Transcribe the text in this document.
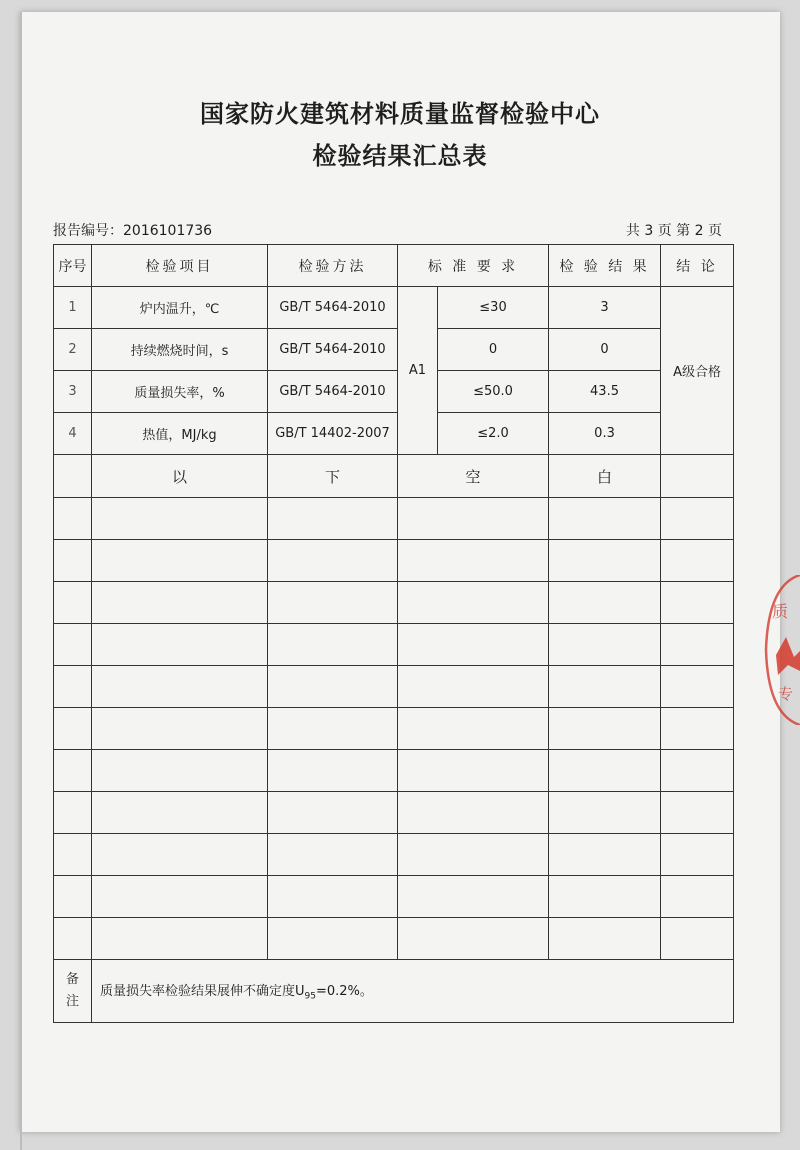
国家防火建筑材料质量监督检验中心
检验结果汇总表
报告编号：2016101736	共 3 页 第 2 页
序号	检验项目	检验方法	标 准 要 求		检 验 结 果	结 论
1	炉内温升，℃	GB/T 5464-2010	A1	≤30	3	A级合格
2	持续燃烧时间，s	GB/T 5464-2010		0	0	
3	质量损失率，%	GB/T 5464-2010		≤50.0	43.5	
4	热值，MJ/kg	GB/T 14402-2007		≤2.0	0.3	
	以	下	空		白	

备
注	质量损失率检验结果展伸不确定度$U_{95}=0.2\%$。					
质
专
